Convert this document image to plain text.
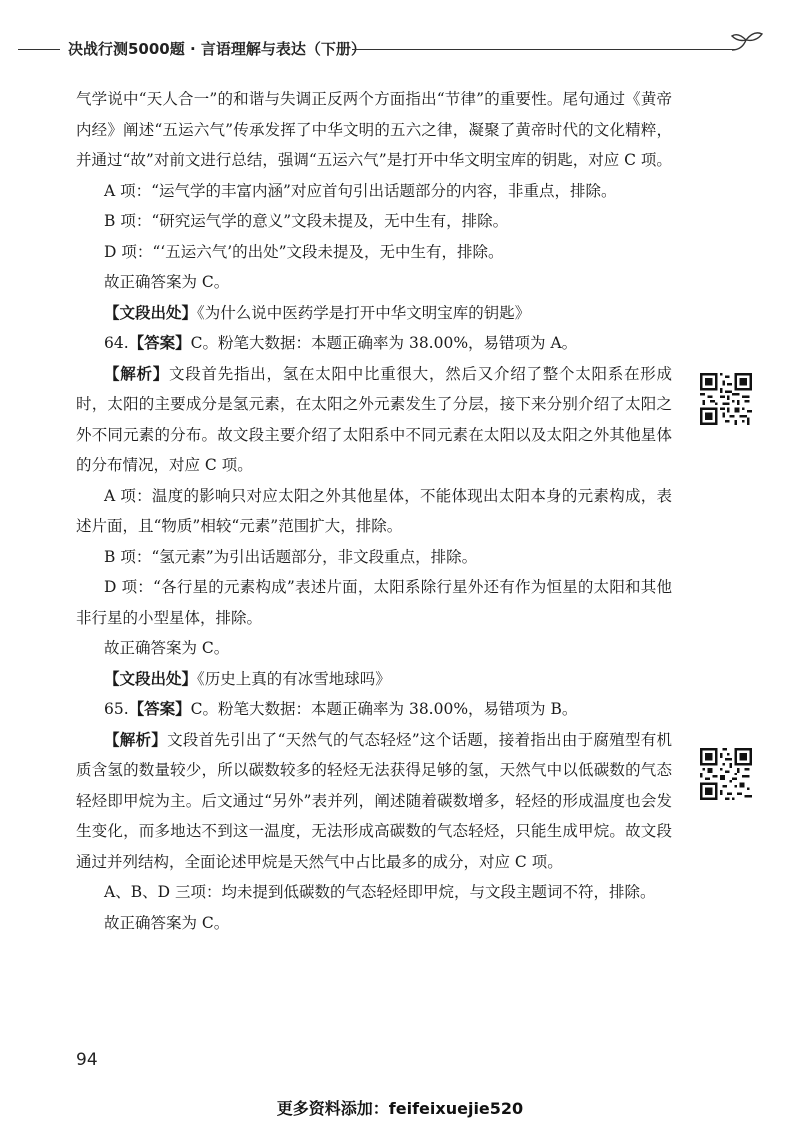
决战行测5000题 · 言语理解与表达（下册）

气学说中“天人合一”的和谐与失调正反两个方面指出“节律”的重要性。尾句通过《黄帝内经》阐述“五运六气”传承发挥了中华文明的五六之律，凝聚了黄帝时代的文化精粹，并通过“故”对前文进行总结，强调“五运六气”是打开中华文明宝库的钥匙，对应 C 项。

A 项：“运气学的丰富内涵”对应首句引出话题部分的内容，非重点，排除。

B 项：“研究运气学的意义”文段未提及，无中生有，排除。

D 项：“‘五运六气’的出处”文段未提及，无中生有，排除。

故正确答案为 C。

【文段出处】《为什么说中医药学是打开中华文明宝库的钥匙》

64.【答案】C。粉笔大数据：本题正确率为 38.00%，易错项为 A。

【解析】文段首先指出，氢在太阳中比重很大，然后又介绍了整个太阳系在形成时，太阳的主要成分是氢元素，在太阳之外元素发生了分层，接下来分别介绍了太阳之外不同元素的分布。故文段主要介绍了太阳系中不同元素在太阳以及太阳之外其他星体的分布情况，对应 C 项。

A 项：温度的影响只对应太阳之外其他星体，不能体现出太阳本身的元素构成，表述片面，且“物质”相较“元素”范围扩大，排除。

B 项：“氢元素”为引出话题部分，非文段重点，排除。

D 项：“各行星的元素构成”表述片面，太阳系除行星外还有作为恒星的太阳和其他非行星的小型星体，排除。

故正确答案为 C。

【文段出处】《历史上真的有冰雪地球吗》

65.【答案】C。粉笔大数据：本题正确率为 38.00%，易错项为 B。

【解析】文段首先引出了“天然气的气态轻烃”这个话题，接着指出由于腐殖型有机质含氢的数量较少，所以碳数较多的轻烃无法获得足够的氢，天然气中以低碳数的气态轻烃即甲烷为主。后文通过“另外”表并列，阐述随着碳数增多，轻烃的形成温度也会发生变化，而多地达不到这一温度，无法形成高碳数的气态轻烃，只能生成甲烷。故文段通过并列结构，全面论述甲烷是天然气中占比最多的成分，对应 C 项。

A、B、D 三项：均未提到低碳数的气态轻烃即甲烷，与文段主题词不符，排除。

故正确答案为 C。

94
更多资料添加：feifeixuejie520
